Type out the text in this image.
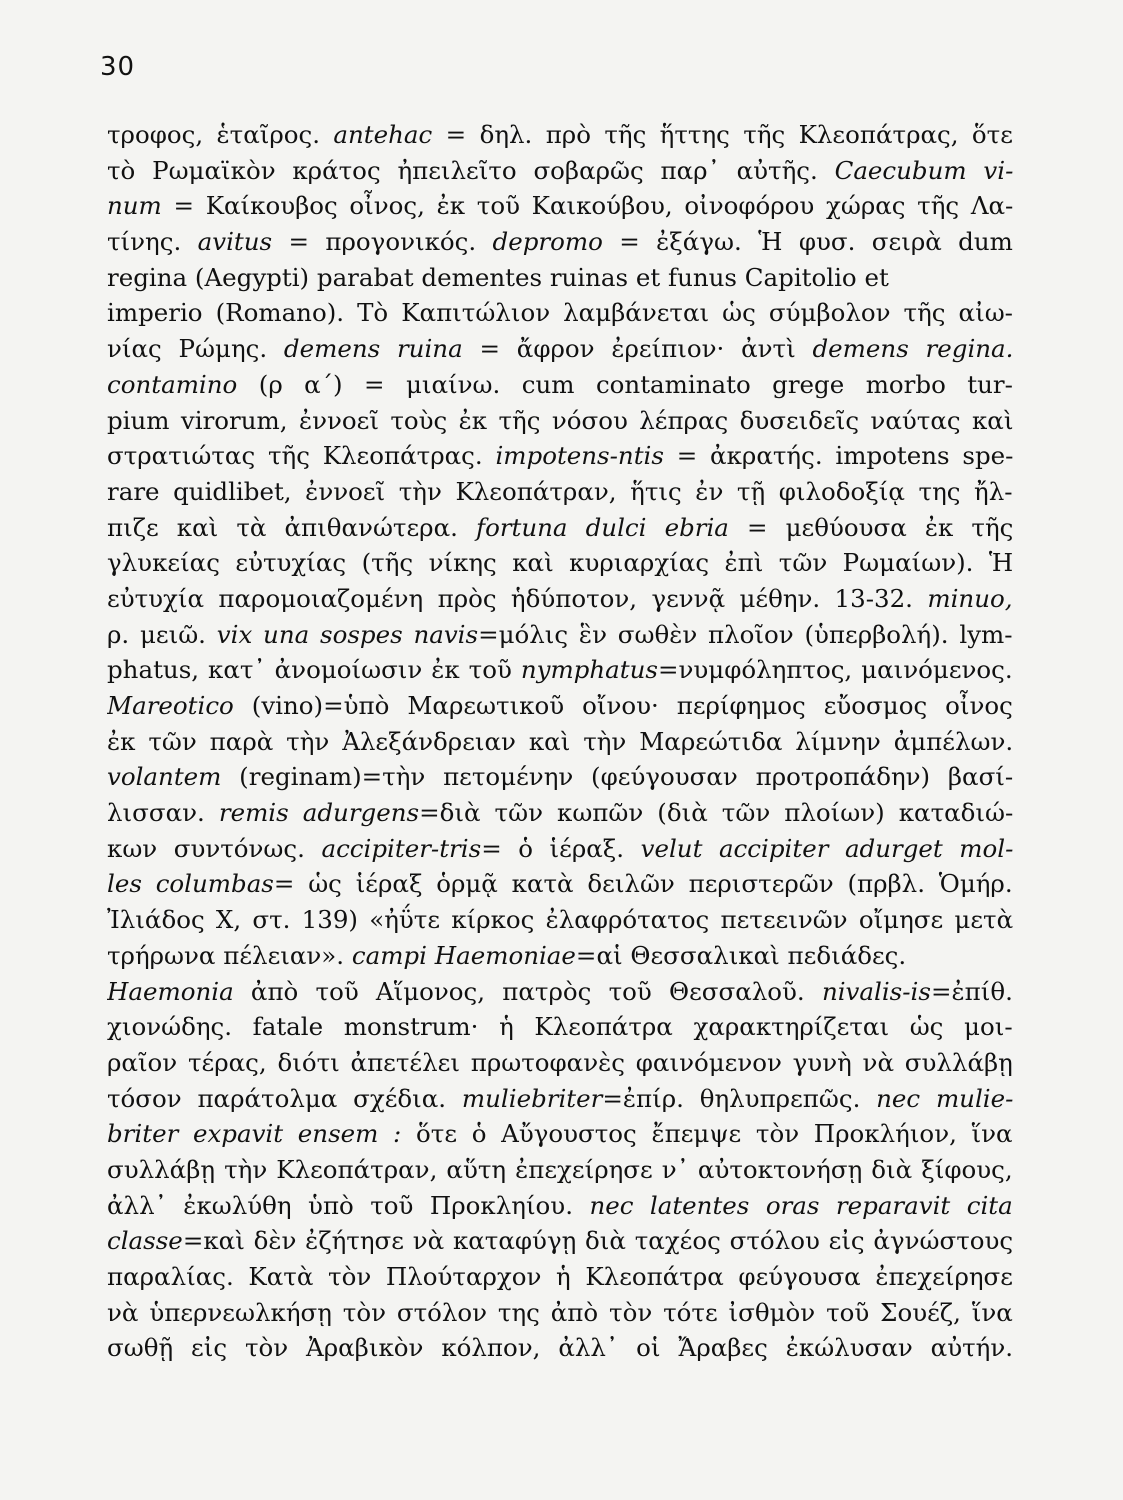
30
τροφος, ἑταῖρος. antehac = δηλ. πρὸ τῆς ἥττης τῆς Κλεοπάτρας, ὅτε
τὸ Ρωμαϊκὸν κράτος ἠπειλεῖτο σοβαρῶς παρ᾽ αὐτῆς. Caecubum vi-
num = Καίκουβος οἶνος, ἐκ τοῦ Καικούβου, οἰνοφόρου χώρας τῆς Λα-
τίνης. avitus = προγονικός. depromo = ἐξάγω. Ἡ φυσ. σειρὰ dum
regina (Aegypti) parabat dementes ruinas et funus Capitolio et
imperio (Romano). Τὸ Καπιτώλιον λαμβάνεται ὡς σύμβολον τῆς αἰω-
νίας Ρώμης. demens ruina = ἄφρον ἐρείπιον· ἀντὶ demens regina.
contamino (ρ α΄) = μιαίνω. cum contaminato grege morbo tur-
pium virorum, ἐννοεῖ τοὺς ἐκ τῆς νόσου λέπρας δυσειδεῖς ναύτας καὶ
στρατιώτας τῆς Κλεοπάτρας. impotens-ntis = ἀκρατής. impotens spe-
rare quidlibet, ἐννοεῖ τὴν Κλεοπάτραν, ἥτις ἐν τῇ φιλοδοξίᾳ της ἤλ-
πιζε καὶ τὰ ἀπιθανώτερα. fortuna dulci ebria = μεθύουσα ἐκ τῆς
γλυκείας εὐτυχίας (τῆς νίκης καὶ κυριαρχίας ἐπὶ τῶν Ρωμαίων). Ἡ
εὐτυχία παρομοιαζομένη πρὸς ἡδύποτον, γεννᾷ μέθην. 13-32. minuo,
ρ. μειῶ. vix una sospes navis=μόλις ἓν σωθὲν πλοῖον (ὑπερβολή). lym-
phatus, κατ᾽ ἀνομοίωσιν ἐκ τοῦ nymphatus=νυμφόληπτος, μαινόμενος.
Mareotico (vino)=ὑπὸ Μαρεωτικοῦ οἴνου· περίφημος εὔοσμος οἶνος
ἐκ τῶν παρὰ τὴν Ἀλεξάνδρειαν καὶ τὴν Μαρεώτιδα λίμνην ἀμπέλων.
volantem (reginam)=τὴν πετομένην (φεύγουσαν προτροπάδην) βασί-
λισσαν. remis adurgens=διὰ τῶν κωπῶν (διὰ τῶν πλοίων) καταδιώ-
κων συντόνως. accipiter-tris= ὁ ἱέραξ. velut accipiter adurget mol-
les columbas= ὡς ἱέραξ ὁρμᾷ κατὰ δειλῶν περιστερῶν (πρβλ. Ὁμήρ.
Ἰλιάδος Χ, στ. 139) «ἠΰτε κίρκος ἐλαφρότατος πετεεινῶν οἴμησε μετὰ
τρήρωνα πέλειαν». campi Haemoniae=αἱ Θεσσαλικαὶ πεδιάδες.
Haemonia ἀπὸ τοῦ Αἵμονος, πατρὸς τοῦ Θεσσαλοῦ. nivalis-is=ἐπίθ.
χιονώδης. fatale monstrum· ἡ Κλεοπάτρα χαρακτηρίζεται ὡς μοι-
ραῖον τέρας, διότι ἀπετέλει πρωτοφανὲς φαινόμενον γυνὴ νὰ συλλάβῃ
τόσον παράτολμα σχέδια. muliebriter=ἐπίρ. θηλυπρεπῶς. nec mulie-
briter expavit ensem : ὅτε ὁ Αὔγουστος ἔπεμψε τὸν Προκλήιον, ἵνα
συλλάβῃ τὴν Κλεοπάτραν, αὕτη ἐπεχείρησε ν᾽ αὐτοκτονήσῃ διὰ ξίφους,
ἀλλ᾽ ἐκωλύθη ὑπὸ τοῦ Προκληίου. nec latentes oras reparavit cita
classe=καὶ δὲν ἐζήτησε νὰ καταφύγῃ διὰ ταχέος στόλου εἰς ἀγνώστους
παραλίας. Κατὰ τὸν Πλούταρχον ἡ Κλεοπάτρα φεύγουσα ἐπεχείρησε
νὰ ὑπερνεωλκήσῃ τὸν στόλον της ἀπὸ τὸν τότε ἰσθμὸν τοῦ Σουέζ, ἵνα
σωθῇ εἰς τὸν Ἀραβικὸν κόλπον, ἀλλ᾽ οἱ Ἄραβες ἐκώλυσαν αὐτήν.
